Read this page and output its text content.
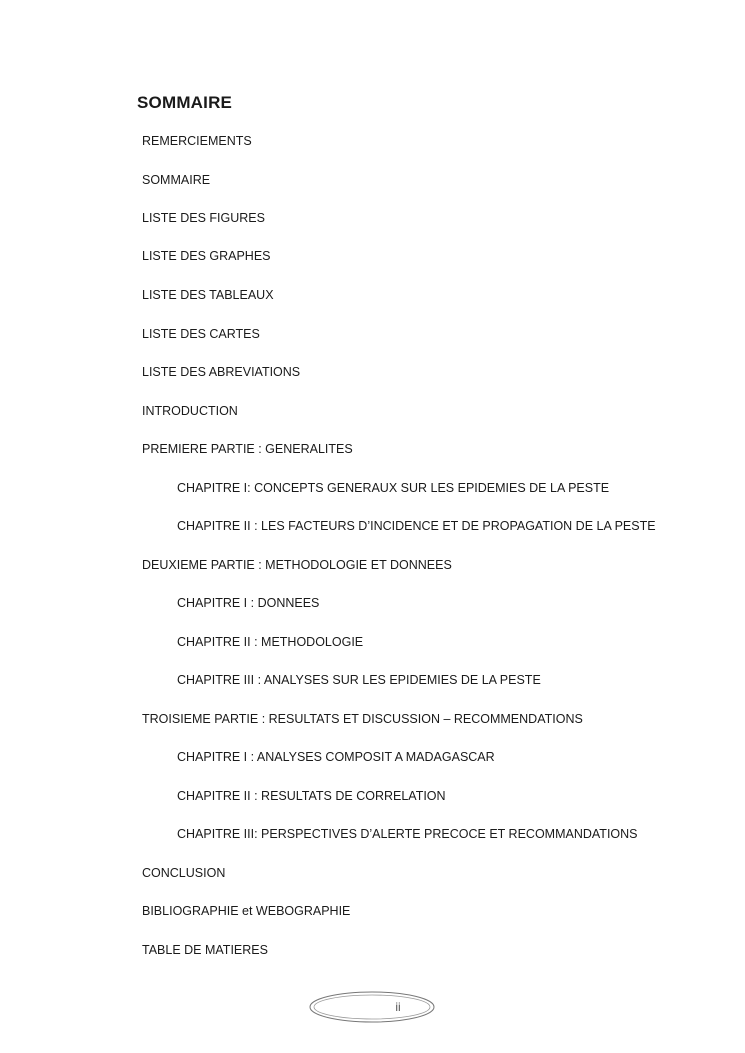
SOMMAIRE
REMERCIEMENTS
SOMMAIRE
LISTE DES FIGURES
LISTE DES GRAPHES
LISTE DES TABLEAUX
LISTE DES CARTES
LISTE DES ABREVIATIONS
INTRODUCTION
PREMIERE PARTIE : GENERALITES
CHAPITRE I: CONCEPTS GENERAUX SUR LES EPIDEMIES DE LA PESTE
CHAPITRE II : LES FACTEURS D’INCIDENCE ET DE PROPAGATION DE LA PESTE
DEUXIEME PARTIE : METHODOLOGIE ET DONNEES
CHAPITRE I : DONNEES
CHAPITRE II : METHODOLOGIE
CHAPITRE III : ANALYSES SUR LES EPIDEMIES DE LA PESTE
TROISIEME PARTIE : RESULTATS ET DISCUSSION – RECOMMENDATIONS
CHAPITRE I : ANALYSES COMPOSIT A MADAGASCAR
CHAPITRE II : RESULTATS DE CORRELATION
CHAPITRE III: PERSPECTIVES D’ALERTE PRECOCE ET RECOMMANDATIONS
CONCLUSION
BIBLIOGRAPHIE et WEBOGRAPHIE
TABLE DE MATIERES
ii
